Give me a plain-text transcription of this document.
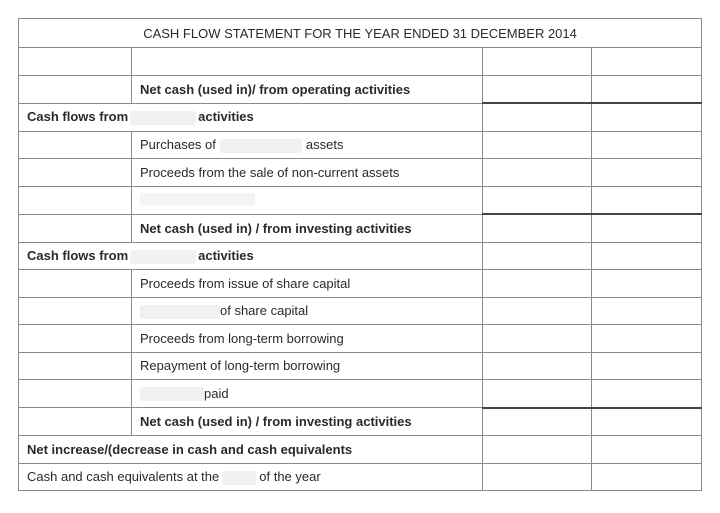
CASH FLOW STATEMENT FOR THE YEAR ENDED 31 DECEMBER 2014			

	Net cash (used in)/ from operating activities		
Cash flows from activities			
	Purchases of assets		
	Proceeds from the sale of non-current assets		

	Net cash (used in) / from investing activities		
Cash flows from activities			
	Proceeds from issue of share capital		
	of share capital		
	Proceeds from long-term borrowing		
	Repayment of long-term borrowing		
	paid		
	Net cash (used in) / from investing activities		
Net increase/(decrease in cash and cash equivalents			
Cash and cash equivalents at the of the year			
